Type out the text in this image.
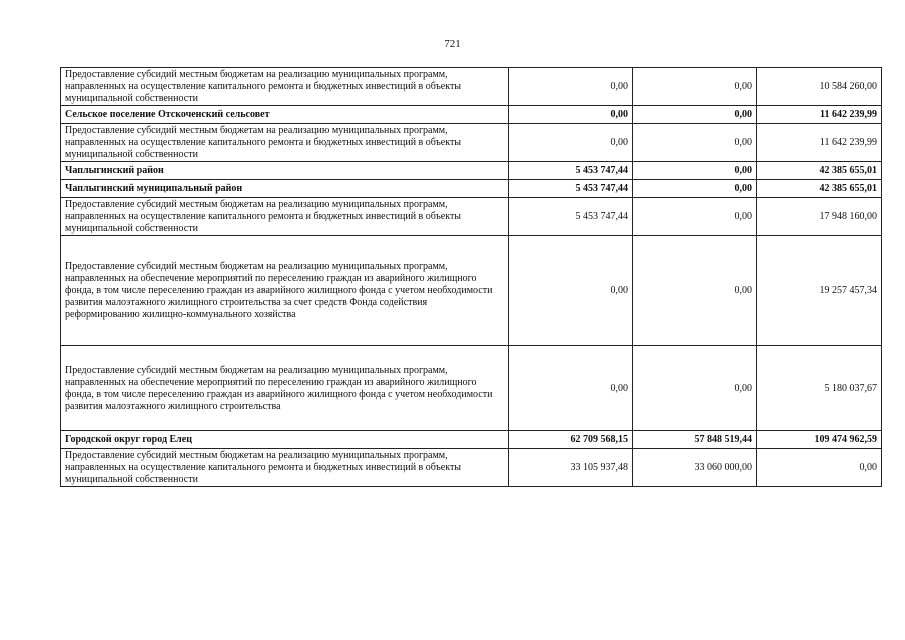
721
Предоставление субсидий местным бюджетам на реализацию муниципальных программ, направленных на осуществление капитального ремонта и бюджетных инвестиций в объекты муниципальной собственности	0,00	0,00	10 584 260,00
Сельское поселение Отскоченский сельсовет	0,00	0,00	11 642 239,99
Предоставление субсидий местным бюджетам на реализацию муниципальных программ, направленных на осуществление капитального ремонта и бюджетных инвестиций в объекты муниципальной собственности	0,00	0,00	11 642 239,99
Чаплыгинский район	5 453 747,44	0,00	42 385 655,01
Чаплыгинский муниципальный район	5 453 747,44	0,00	42 385 655,01
Предоставление субсидий местным бюджетам на реализацию муниципальных программ, направленных на осуществление капитального ремонта и бюджетных инвестиций в объекты муниципальной собственности	5 453 747,44	0,00	17 948 160,00
Предоставление субсидий местным бюджетам на реализацию муниципальных программ, направленных на обеспечение мероприятий по переселению граждан из аварийного жилищного фонда, в том числе переселению граждан из аварийного жилищного фонда с учетом необходимости развития малоэтажного жилищного строительства за счет средств Фонда содействия реформированию жилищно-коммунального хозяйства	0,00	0,00	19 257 457,34
Предоставление субсидий местным бюджетам на реализацию муниципальных программ, направленных на обеспечение мероприятий по переселению граждан из аварийного жилищного фонда, в том числе переселению граждан из аварийного жилищного фонда с учетом необходимости развития малоэтажного жилищного строительства	0,00	0,00	5 180 037,67
Городской округ город Елец	62 709 568,15	57 848 519,44	109 474 962,59
Предоставление субсидий местным бюджетам на реализацию муниципальных программ, направленных на осуществление капитального ремонта и бюджетных инвестиций в объекты муниципальной собственности	33 105 937,48	33 060 000,00	0,00
